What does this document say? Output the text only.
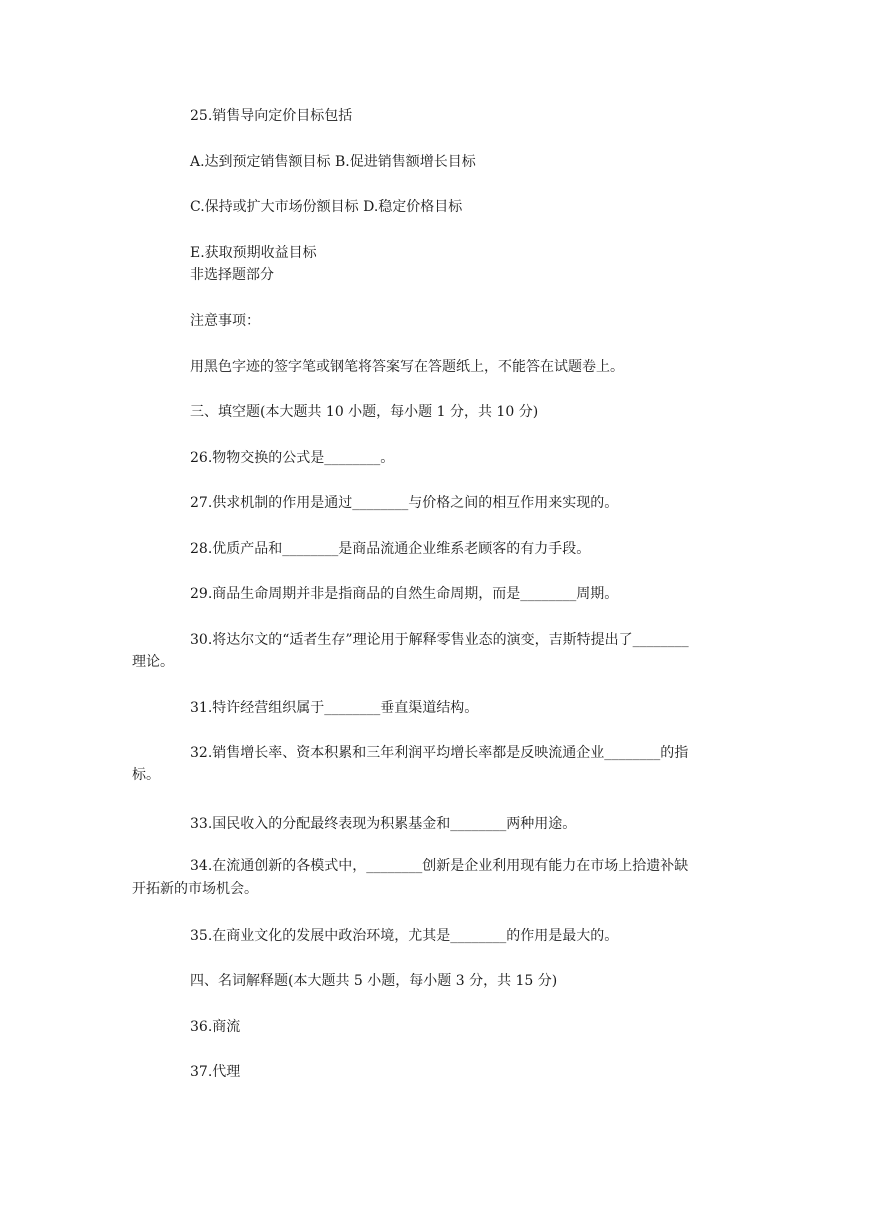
25.销售导向定价目标包括
A.达到预定销售额目标 B.促进销售额增长目标
C.保持或扩大市场份额目标 D.稳定价格目标
E.获取预期收益目标
非选择题部分
注意事项：
用黑色字迹的签字笔或钢笔将答案写在答题纸上，不能答在试题卷上。
三、填空题(本大题共 10 小题，每小题 1 分，共 10 分)
26.物物交换的公式是________。
27.供求机制的作用是通过________与价格之间的相互作用来实现的。
28.优质产品和________是商品流通企业维系老顾客的有力手段。
29.商品生命周期并非是指商品的自然生命周期，而是________周期。
30.将达尔文的“适者生存”理论用于解释零售业态的演变，吉斯特提出了________
理论。
31.特许经营组织属于________垂直渠道结构。
32.销售增长率、资本积累和三年利润平均增长率都是反映流通企业________的指
标。
33.国民收入的分配最终表现为积累基金和________两种用途。
34.在流通创新的各模式中，________创新是企业利用现有能力在市场上拾遗补缺
开拓新的市场机会。
35.在商业文化的发展中政治环境，尤其是________的作用是最大的。
四、名词解释题(本大题共 5 小题，每小题 3 分，共 15 分)
36.商流
37.代理
